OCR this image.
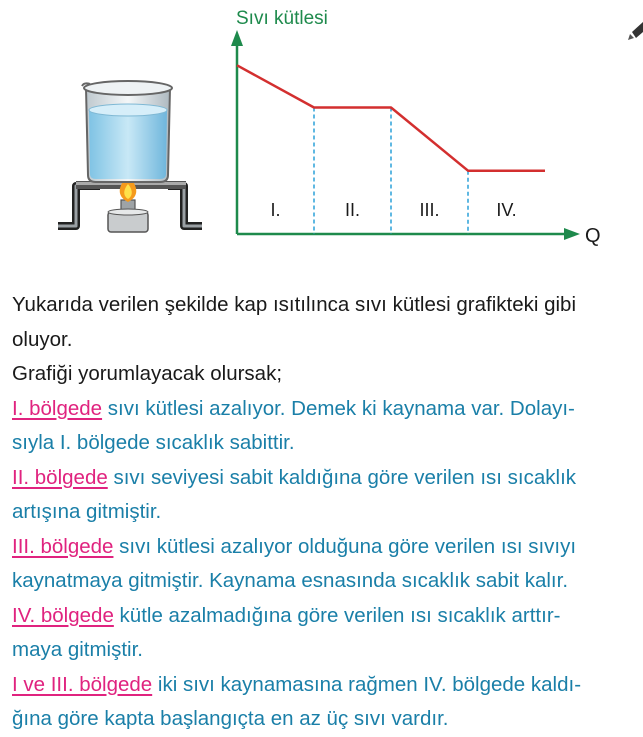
Sıvı kütlesi
Q
I.	II.	III.	IV.
Yukarıda verilen şekilde kap ısıtılınca sıvı kütlesi grafikteki gibi
oluyor.
Grafiği yorumlayacak olursak;
I. bölgede sıvı kütlesi azalıyor. Demek ki kaynama var. Dolayı-
sıyla I. bölgede sıcaklık sabittir.
II. bölgede sıvı seviyesi sabit kaldığına göre verilen ısı sıcaklık
artışına gitmiştir.
III. bölgede sıvı kütlesi azalıyor olduğuna göre verilen ısı sıvıyı
kaynatmaya gitmiştir. Kaynama esnasında sıcaklık sabit kalır.
IV. bölgede kütle azalmadığına göre verilen ısı sıcaklık arttır-
maya gitmiştir.
I ve III. bölgede iki sıvı kaynamasına rağmen IV. bölgede kaldı-
ğına göre kapta başlangıçta en az üç sıvı vardır.
